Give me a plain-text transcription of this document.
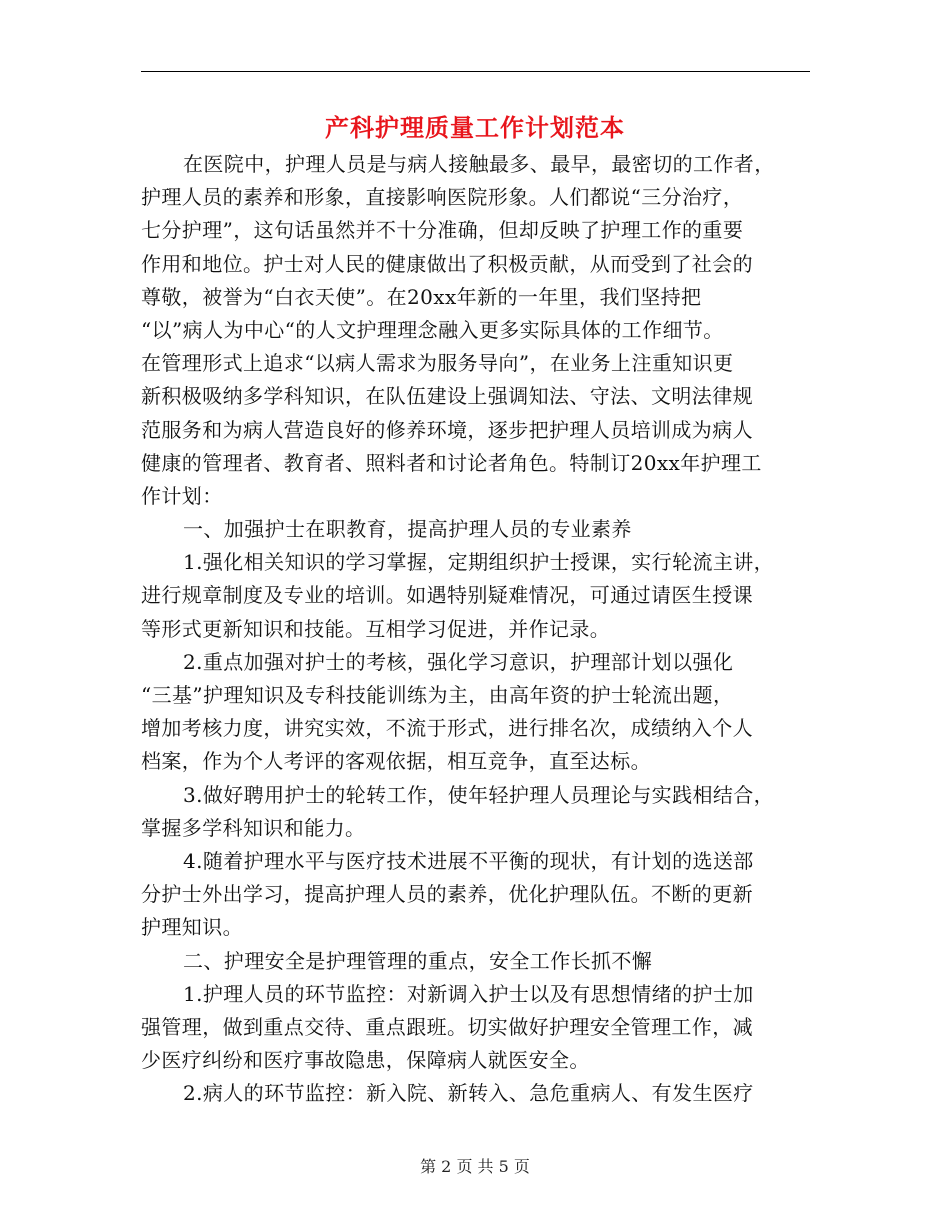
产科护理质量工作计划范本
在医院中，护理人员是与病人接触最多、最早，最密切的工作者，
护理人员的素养和形象，直接影响医院形象。人们都说“三分治疗，
七分护理”，这句话虽然并不十分准确，但却反映了护理工作的重要
作用和地位。护士对人民的健康做出了积极贡献，从而受到了社会的
尊敬，被誉为“白衣天使”。在20xx年新的一年里，我们坚持把
“以”病人为中心“的人文护理理念融入更多实际具体的工作细节。
在管理形式上追求“以病人需求为服务导向”，在业务上注重知识更
新积极吸纳多学科知识，在队伍建设上强调知法、守法、文明法律规
范服务和为病人营造良好的修养环境，逐步把护理人员培训成为病人
健康的管理者、教育者、照料者和讨论者角色。特制订20xx年护理工
作计划：
一、加强护士在职教育，提高护理人员的专业素养
1.强化相关知识的学习掌握，定期组织护士授课，实行轮流主讲，
进行规章制度及专业的培训。如遇特别疑难情况，可通过请医生授课
等形式更新知识和技能。互相学习促进，并作记录。
2.重点加强对护士的考核，强化学习意识，护理部计划以强化
“三基”护理知识及专科技能训练为主，由高年资的护士轮流出题，
增加考核力度，讲究实效，不流于形式，进行排名次，成绩纳入个人
档案，作为个人考评的客观依据，相互竞争，直至达标。
3.做好聘用护士的轮转工作，使年轻护理人员理论与实践相结合，
掌握多学科知识和能力。
4.随着护理水平与医疗技术进展不平衡的现状，有计划的选送部
分护士外出学习，提高护理人员的素养，优化护理队伍。不断的更新
护理知识。
二、护理安全是护理管理的重点，安全工作长抓不懈
1.护理人员的环节监控：对新调入护士以及有思想情绪的护士加
强管理，做到重点交待、重点跟班。切实做好护理安全管理工作，减
少医疗纠纷和医疗事故隐患，保障病人就医安全。
2.病人的环节监控：新入院、新转入、急危重病人、有发生医疗
第 2 页 共 5 页
